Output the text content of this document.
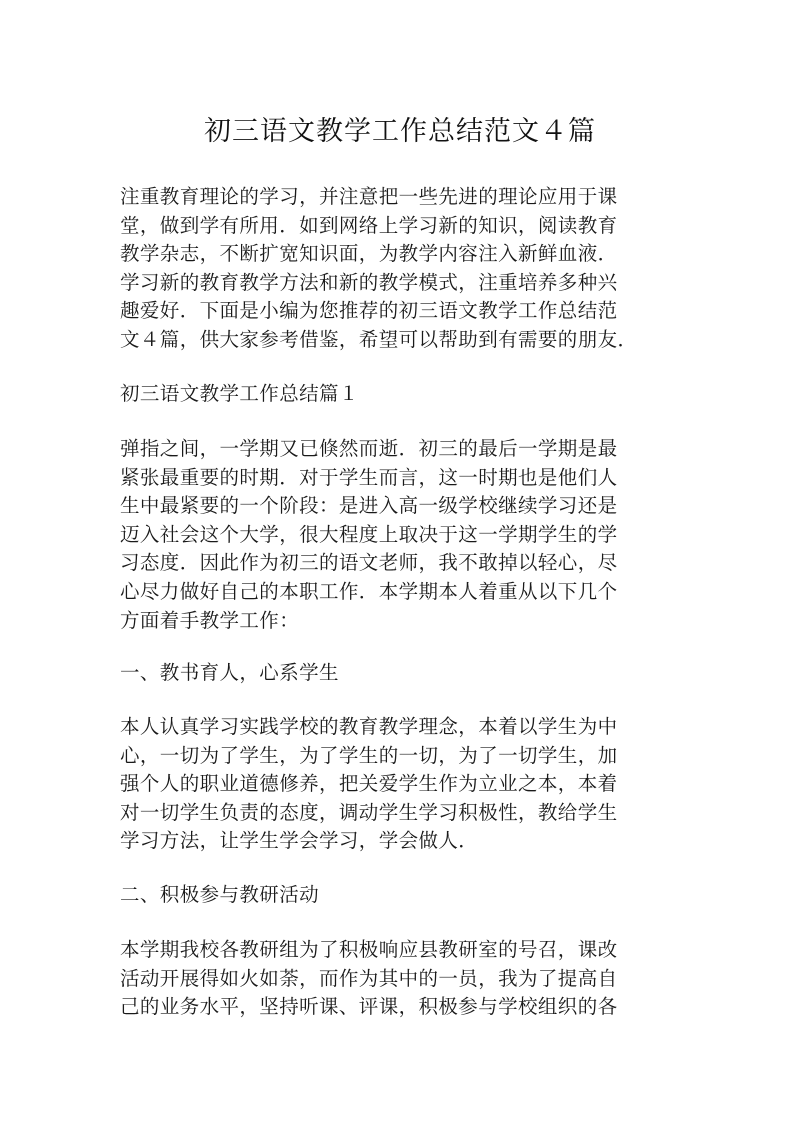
初三语文教学工作总结范文４篇
注重教育理论的学习，并注意把一些先进的理论应用于课
堂，做到学有所用．如到网络上学习新的知识，阅读教育
教学杂志，不断扩宽知识面，为教学内容注入新鲜血液．
学习新的教育教学方法和新的教学模式，注重培养多种兴
趣爱好．下面是小编为您推荐的初三语文教学工作总结范
文４篇，供大家参考借鉴，希望可以帮助到有需要的朋友．
初三语文教学工作总结篇１
弹指之间，一学期又已倏然而逝．初三的最后一学期是最
紧张最重要的时期．对于学生而言，这一时期也是他们人
生中最紧要的一个阶段：是进入高一级学校继续学习还是
迈入社会这个大学，很大程度上取决于这一学期学生的学
习态度．因此作为初三的语文老师，我不敢掉以轻心，尽
心尽力做好自己的本职工作．本学期本人着重从以下几个
方面着手教学工作：
一、教书育人，心系学生
本人认真学习实践学校的教育教学理念，本着以学生为中
心，一切为了学生，为了学生的一切，为了一切学生，加
强个人的职业道德修养，把关爱学生作为立业之本，本着
对一切学生负责的态度，调动学生学习积极性，教给学生
学习方法，让学生学会学习，学会做人．
二、积极参与教研活动
本学期我校各教研组为了积极响应县教研室的号召，课改
活动开展得如火如荼，而作为其中的一员，我为了提高自
己的业务水平，坚持听课、评课，积极参与学校组织的各
